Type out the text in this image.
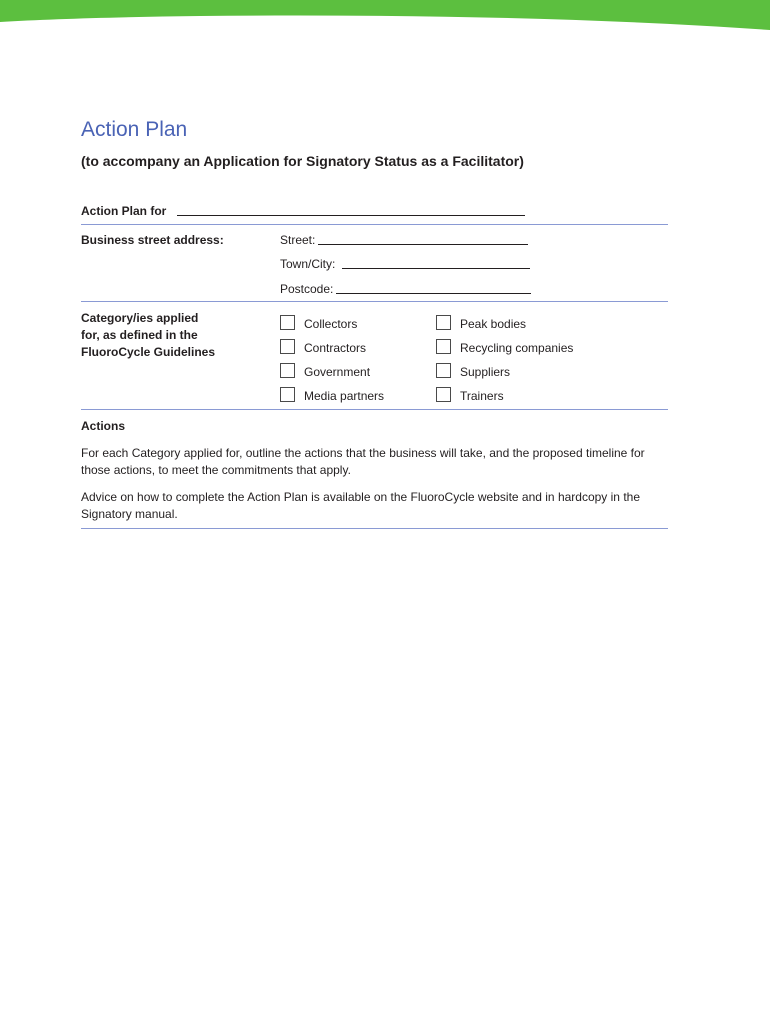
Action Plan
(to accompany an Application for Signatory Status as a Facilitator)
Action Plan for
Business street address:	Street:
Town/City:
Postcode:
Category/ies applied
for, as defined in the
FluoroCycle Guidelines
Collectors
Contractors
Government
Media partners
Peak bodies
Recycling companies
Suppliers
Trainers
Actions

For each Category applied for, outline the actions that the business will take, and the proposed timeline for those actions, to meet the commitments that apply.

Advice on how to complete the Action Plan is available on the FluoroCycle website and in hardcopy in the Signatory manual.
